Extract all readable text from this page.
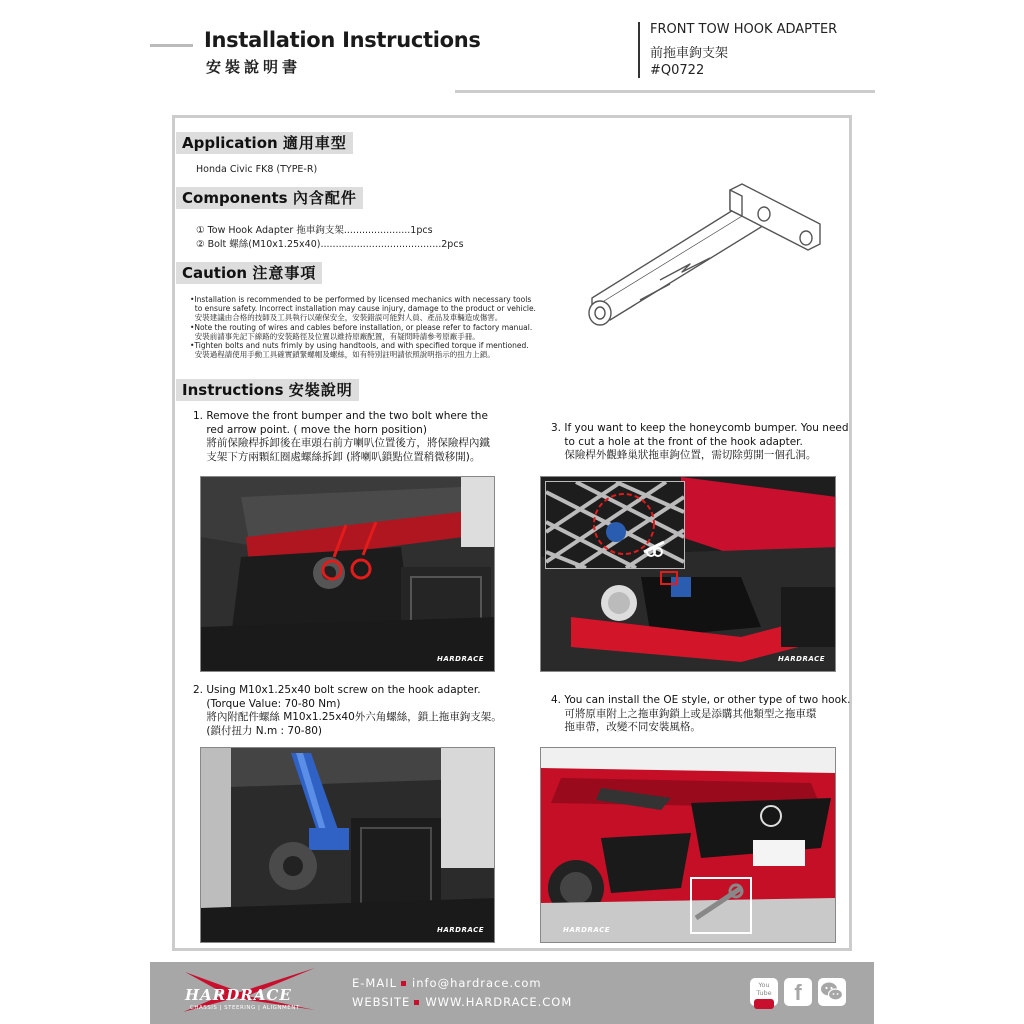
Installation Instructions
安裝說明書
FRONT TOW HOOK ADAPTER
前拖車鉤支架
#Q0722
Application 適用車型
Honda Civic FK8 (TYPE-R)
Components 內含配件
① Tow Hook Adapter 拖車鉤支架......................1pcs
② Bolt 螺絲(M10x1.25x40)........................................2pcs
Caution 注意事項
•Installation is recommended to be performed by licensed mechanics with necessary tools
to ensure safety. Incorrect installation may cause injury, damage to the product or vehicle.
安裝建議由合格的技師及工具執行以確保安全，安裝錯誤可能對人員、產品及車輛造成傷害。
•Note the routing of wires and cables before installation, or please refer to factory manual.
安裝前請事先記下線路的安裝路徑及位置以維持原廠配置，有疑問時請參考原廠手冊。
•Tighten bolts and nuts frimly by using handtools, and with specified torque if mentioned.
安裝過程請使用手動工具確實鎖緊螺帽及螺絲，如有特別註明請依照說明指示的扭力上鎖。
Instructions 安裝說明
1. Remove the front bumper and the two bolt where the
red arrow point. ( move the horn position)
將前保險桿拆卸後在車頭右前方喇叭位置後方，將保險桿內鐵
支架下方兩顆紅圈處螺絲拆卸 (將喇叭鎖點位置稍微移開)。
3. If you want to keep the honeycomb bumper. You need
to cut a hole at the front of the hook adapter.
保險桿外觀蜂巢狀拖車鉤位置，需切除剪開一個孔洞。
HARDRACE	HARDRACE
2. Using M10x1.25x40 bolt screw on the hook adapter.
(Torque Value: 70-80 Nm)
將內附配件螺絲 M10x1.25x40外六角螺絲，鎖上拖車鉤支架。
(鎖付扭力 N.m : 70-80)
4. You can install the OE style, or other type of two hook.
可將原車附上之拖車鉤鎖上或是添購其他類型之拖車環
拖車帶，改變不同安裝風格。
HARDRACE	HARDRACE
HARDRACE
CHASSIS | STEERING | ALIGNMENT
E-MAIL info@hardrace.com
WEBSITE WWW.HARDRACE.COM
You Tube	f
